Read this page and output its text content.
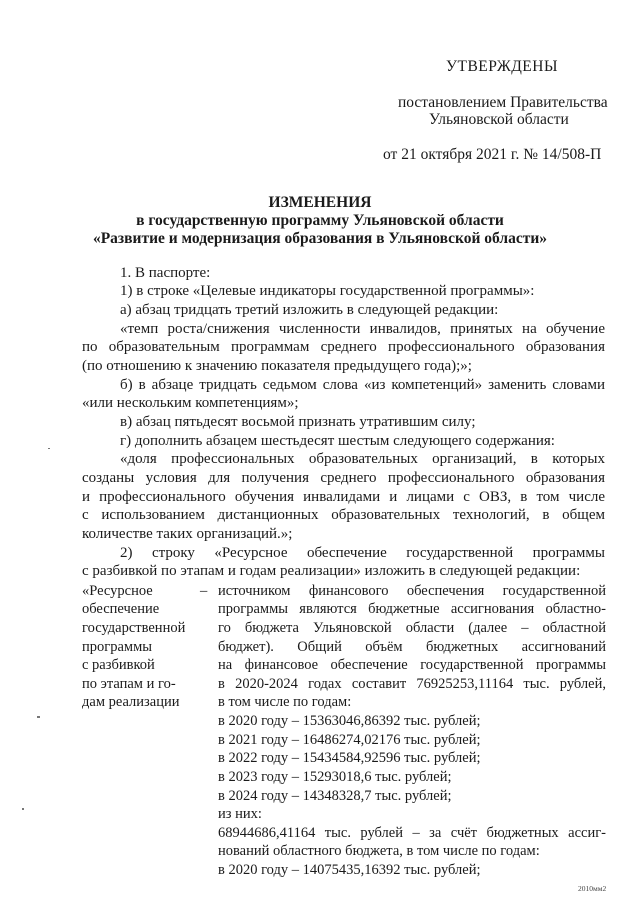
УТВЕРЖДЕНЫ
постановлением Правительства
Ульяновской области
от 21 октября 2021 г. № 14/508-П
ИЗМЕНЕНИЯ
в государственную программу Ульяновской области
«Развитие и модернизация образования в Ульяновской области»
1. В паспорте:
1) в строке «Целевые индикаторы государственной программы»:
а) абзац тридцать третий изложить в следующей редакции:
«темп роста/снижения численности инвалидов, принятых на обучение
по образовательным программам среднего профессионального образования
(по отношению к значению показателя предыдущего года);»;
б) в абзаце тридцать седьмом слова «из компетенций» заменить словами
«или нескольким компетенциям»;
в) абзац пятьдесят восьмой признать утратившим силу;
г) дополнить абзацем шестьдесят шестым следующего содержания:
«доля профессиональных образовательных организаций, в которых
созданы условия для получения среднего профессионального образования
и профессионального обучения инвалидами и лицами с ОВЗ, в том числе
с использованием дистанционных образовательных технологий, в общем
количестве таких организаций.»;
2) строку «Ресурсное обеспечение государственной программы
с разбивкой по этапам и годам реализации» изложить в следующей редакции:
«Ресурсное
обеспечение
государственной
программы
с разбивкой
по этапам и го-
дам реализации
– источником финансового обеспечения государственной
программы являются бюджетные ассигнования областно-
го бюджета Ульяновской области (далее – областной
бюджет). Общий объём бюджетных ассигнований
на финансовое обеспечение государственной программы
в 2020-2024 годах составит 76925253,11164 тыс. рублей,
в том числе по годам:
в 2020 году – 15363046,86392 тыс. рублей;
в 2021 году – 16486274,02176 тыс. рублей;
в 2022 году – 15434584,92596 тыс. рублей;
в 2023 году – 15293018,6 тыс. рублей;
в 2024 году – 14348328,7 тыс. рублей;
из них:
68944686,41164 тыс. рублей – за счёт бюджетных ассиг-
нований областного бюджета, в том числе по годам:
в 2020 году – 14075435,16392 тыс. рублей;
2010мм2
